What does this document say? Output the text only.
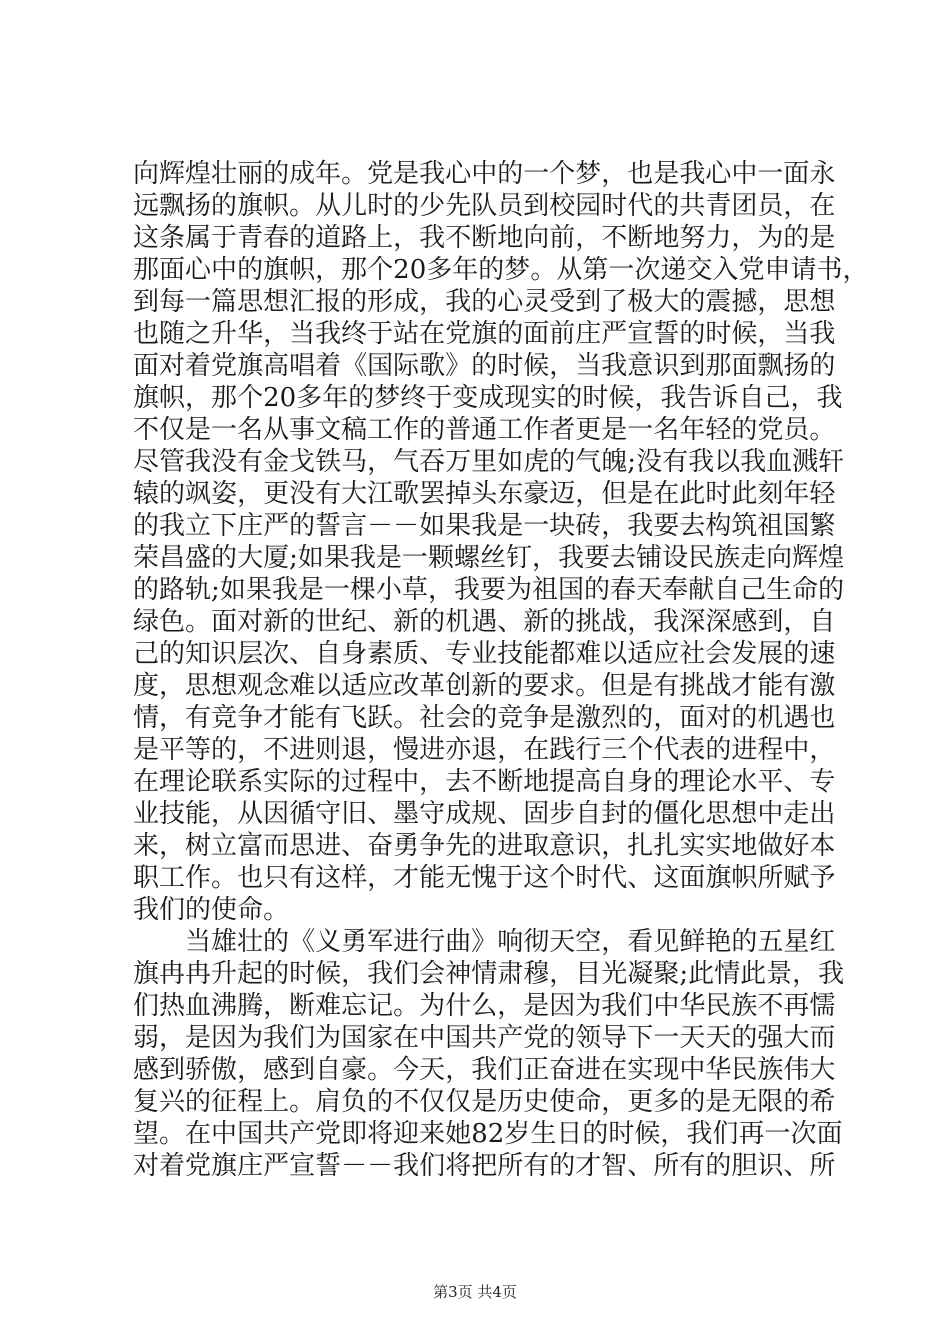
向 辉 煌 壮 丽 的 成 年 。 党 是 我 心 中 的 一 个 梦 ， 也 是 我 心 中 一 面 永
远 飘 扬 的 旗 帜 。 从 儿 时 的 少 先 队 员 到 校 园 时 代 的 共 青 团 员 ， 在
这 条 属 于 青 春 的 道 路 上 ， 我 不 断 地 向 前 ， 不 断 地 努 力 ， 为 的 是
那 面 心 中 的 旗 帜 ， 那 个 20 多 年 的 梦 。 从 第 一 次 递 交 入 党 申 请 书 ，
到 每 一 篇 思 想 汇 报 的 形 成 ， 我 的 心 灵 受 到 了 极 大 的 震 撼 ， 思 想
也 随 之 升 华 ， 当 我 终 于 站 在 党 旗 的 面 前 庄 严 宣 誓 的 时 候 ， 当 我
面 对 着 党 旗 高 唱 着 《 国 际 歌 》 的 时 候 ， 当 我 意 识 到 那 面 飘 扬 的
旗 帜 ， 那 个 20 多 年 的 梦 终 于 变 成 现 实 的 时 候 ， 我 告 诉 自 己 ， 我
不 仅 是 一 名 从 事 文 稿 工 作 的 普 通 工 作 者 更 是 一 名 年 轻 的 党 员 。
尽 管 我 没 有 金 戈 铁 马 ， 气 吞 万 里 如 虎 的 气 魄 ; 没 有 我 以 我 血 溅 轩
辕 的 飒 姿 ， 更 没 有 大 江 歌 罢 掉 头 东 豪 迈 ， 但 是 在 此 时 此 刻 年 轻
的 我 立 下 庄 严 的 誓 言 － － 如 果 我 是 一 块 砖 ， 我 要 去 构 筑 祖 国 繁
荣 昌 盛 的 大 厦 ; 如 果 我 是 一 颗 螺 丝 钉 ， 我 要 去 铺 设 民 族 走 向 辉 煌
的 路 轨 ; 如 果 我 是 一 棵 小 草 ， 我 要 为 祖 国 的 春 天 奉 献 自 己 生 命 的
绿 色 。 面 对 新 的 世 纪 、 新 的 机 遇 、 新 的 挑 战 ， 我 深 深 感 到 ， 自
己 的 知 识 层 次 、 自 身 素 质 、 专 业 技 能 都 难 以 适 应 社 会 发 展 的 速
度 ， 思 想 观 念 难 以 适 应 改 革 创 新 的 要 求 。 但 是 有 挑 战 才 能 有 激
情 ， 有 竞 争 才 能 有 飞 跃 。 社 会 的 竞 争 是 激 烈 的 ， 面 对 的 机 遇 也
是 平 等 的 ， 不 进 则 退 ， 慢 进 亦 退 ， 在 践 行 三 个 代 表 的 进 程 中 ，
在 理 论 联 系 实 际 的 过 程 中 ， 去 不 断 地 提 高 自 身 的 理 论 水 平 、 专
业 技 能 ， 从 因 循 守 旧 、 墨 守 成 规 、 固 步 自 封 的 僵 化 思 想 中 走 出
来 ， 树 立 富 而 思 进 、 奋 勇 争 先 的 进 取 意 识 ， 扎 扎 实 实 地 做 好 本
职 工 作 。 也 只 有 这 样 ， 才 能 无 愧 于 这 个 时 代 、 这 面 旗 帜 所 赋 予
我 们 的 使 命 。
当 雄 壮 的 《 义 勇 军 进 行 曲 》 响 彻 天 空 ， 看 见 鲜 艳 的 五 星 红
旗 冉 冉 升 起 的 时 候 ， 我 们 会 神 情 肃 穆 ， 目 光 凝 聚 ; 此 情 此 景 ， 我
们 热 血 沸 腾 ， 断 难 忘 记 。 为 什 么 ， 是 因 为 我 们 中 华 民 族 不 再 懦
弱 ， 是 因 为 我 们 为 国 家 在 中 国 共 产 党 的 领 导 下 一 天 天 的 强 大 而
感 到 骄 傲 ， 感 到 自 豪 。 今 天 ， 我 们 正 奋 进 在 实 现 中 华 民 族 伟 大
复 兴 的 征 程 上 。 肩 负 的 不 仅 仅 是 历 史 使 命 ， 更 多 的 是 无 限 的 希
望 。 在 中 国 共 产 党 即 将 迎 来 她 82 岁 生 日 的 时 候 ， 我 们 再 一 次 面
对 着 党 旗 庄 严 宣 誓 － － 我 们 将 把 所 有 的 才 智 、 所 有 的 胆 识 、 所
第3页 共4页
